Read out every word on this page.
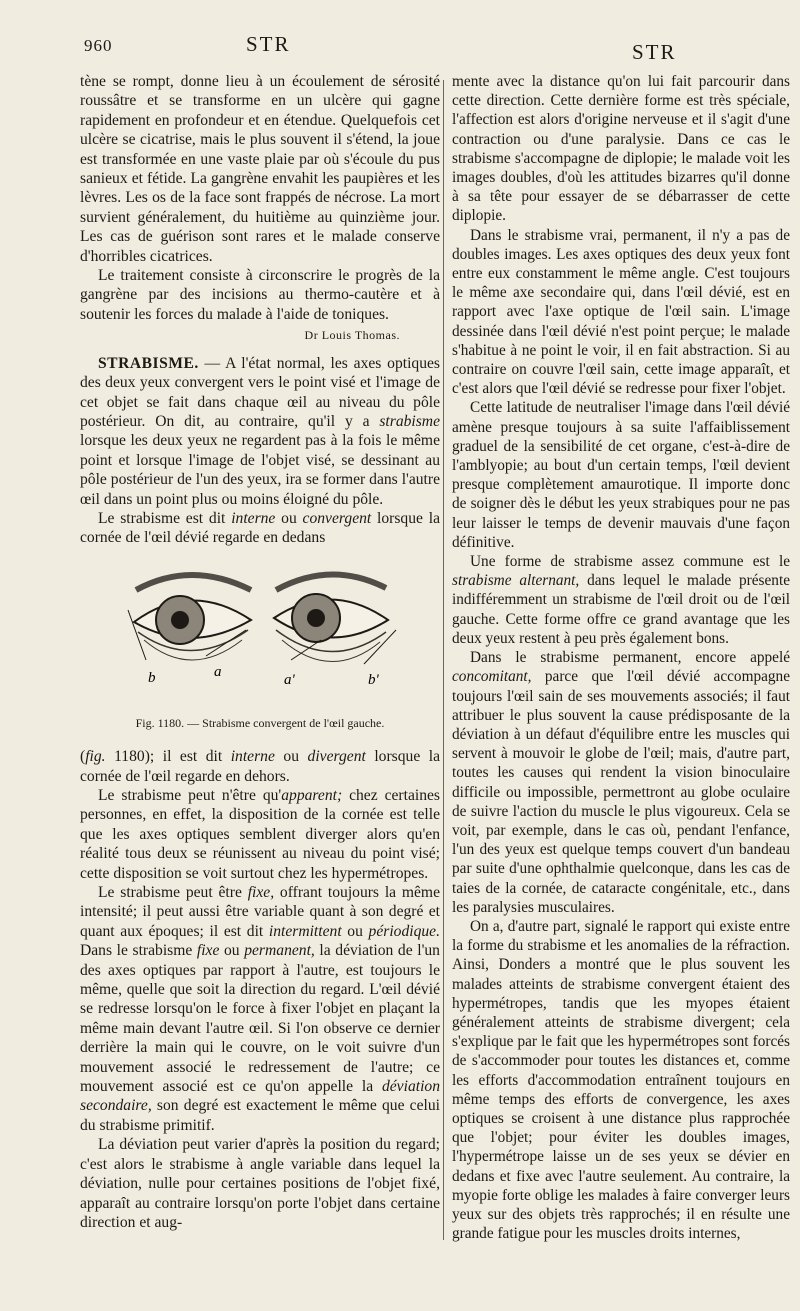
960	STR	STR

tène se rompt, donne lieu à un écoulement de sérosité roussâtre et se transforme en un ulcère qui gagne rapidement en profondeur et en étendue. Quelquefois cet ulcère se cicatrise, mais le plus souvent il s'étend, la joue est transformée en une vaste plaie par où s'écoule du pus sanieux et fétide. La gangrène envahit les paupières et les lèvres. Les os de la face sont frappés de nécrose. La mort survient généralement, du huitième au quinzième jour. Les cas de guérison sont rares et le malade conserve d'horribles cicatrices.

Le traitement consiste à circonscrire le progrès de la gangrène par des incisions au thermo-cautère et à soutenir les forces du malade à l'aide de toniques.

Dr Louis Thomas.

STRABISME. — A l'état normal, les axes optiques des deux yeux convergent vers le point visé et l'image de cet objet se fait dans chaque œil au niveau du pôle postérieur. On dit, au contraire, qu'il y a strabisme lorsque les deux yeux ne regardent pas à la fois le même point et lorsque l'image de l'objet visé, se dessinant au pôle postérieur de l'un des yeux, ira se former dans l'autre œil dans un point plus ou moins éloigné du pôle.

Le strabisme est dit interne ou convergent lorsque la cornée de l'œil dévié regarde en dedans

b	a	a'	b'

Fig. 1180. — Strabisme convergent de l'œil gauche.

(fig. 1180); il est dit interne ou divergent lorsque la cornée de l'œil regarde en dehors.

Le strabisme peut n'être qu'apparent; chez certaines personnes, en effet, la disposition de la cornée est telle que les axes optiques semblent diverger alors qu'en réalité tous deux se réunissent au niveau du point visé; cette disposition se voit surtout chez les hypermétropes.

Le strabisme peut être fixe, offrant toujours la même intensité; il peut aussi être variable quant à son degré et quant aux époques; il est dit intermittent ou périodique. Dans le strabisme fixe ou permanent, la déviation de l'un des axes optiques par rapport à l'autre, est toujours le même, quelle que soit la direction du regard. L'œil dévié se redresse lorsqu'on le force à fixer l'objet en plaçant la même main devant l'autre œil. Si l'on observe ce dernier derrière la main qui le couvre, on le voit suivre d'un mouvement associé le redressement de l'autre; ce mouvement associé est ce qu'on appelle la déviation secondaire, son degré est exactement le même que celui du strabisme primitif.

La déviation peut varier d'après la position du regard; c'est alors le strabisme à angle variable dans lequel la déviation, nulle pour certaines positions de l'objet fixé, apparaît au contraire lorsqu'on porte l'objet dans certaine direction et aug-

mente avec la distance qu'on lui fait parcourir dans cette direction. Cette dernière forme est très spéciale, l'affection est alors d'origine nerveuse et il s'agit d'une contraction ou d'une paralysie. Dans ce cas le strabisme s'accompagne de diplopie; le malade voit les images doubles, d'où les attitudes bizarres qu'il donne à sa tête pour essayer de se débarrasser de cette diplopie.

Dans le strabisme vrai, permanent, il n'y a pas de doubles images. Les axes optiques des deux yeux font entre eux constamment le même angle. C'est toujours le même axe secondaire qui, dans l'œil dévié, est en rapport avec l'axe optique de l'œil sain. L'image dessinée dans l'œil dévié n'est point perçue; le malade s'habitue à ne point le voir, il en fait abstraction. Si au contraire on couvre l'œil sain, cette image apparaît, et c'est alors que l'œil dévié se redresse pour fixer l'objet.

Cette latitude de neutraliser l'image dans l'œil dévié amène presque toujours à sa suite l'affaiblissement graduel de la sensibilité de cet organe, c'est-à-dire de l'amblyopie; au bout d'un certain temps, l'œil devient presque complètement amaurotique. Il importe donc de soigner dès le début les yeux strabiques pour ne pas leur laisser le temps de devenir mauvais d'une façon définitive.

Une forme de strabisme assez commune est le strabisme alternant, dans lequel le malade présente indifféremment un strabisme de l'œil droit ou de l'œil gauche. Cette forme offre ce grand avantage que les deux yeux restent à peu près également bons.

Dans le strabisme permanent, encore appelé concomitant, parce que l'œil dévié accompagne toujours l'œil sain de ses mouvements associés; il faut attribuer le plus souvent la cause prédisposante de la déviation à un défaut d'équilibre entre les muscles qui servent à mouvoir le globe de l'œil; mais, d'autre part, toutes les causes qui rendent la vision binoculaire difficile ou impossible, permettront au globe oculaire de suivre l'action du muscle le plus vigoureux. Cela se voit, par exemple, dans le cas où, pendant l'enfance, l'un des yeux est quelque temps couvert d'un bandeau par suite d'une ophthalmie quelconque, dans les cas de taies de la cornée, de cataracte congénitale, etc., dans les paralysies musculaires.

On a, d'autre part, signalé le rapport qui existe entre la forme du strabisme et les anomalies de la réfraction. Ainsi, Donders a montré que le plus souvent les malades atteints de strabisme convergent étaient des hypermétropes, tandis que les myopes étaient généralement atteints de strabisme divergent; cela s'explique par le fait que les hypermétropes sont forcés de s'accommoder pour toutes les distances et, comme les efforts d'accommodation entraînent toujours en même temps des efforts de convergence, les axes optiques se croisent à une distance plus rapprochée que l'objet; pour éviter les doubles images, l'hypermétrope laisse un de ses yeux se dévier en dedans et fixe avec l'autre seulement. Au contraire, la myopie forte oblige les malades à faire converger leurs yeux sur des objets très rapprochés; il en résulte une grande fatigue pour les muscles droits internes,
